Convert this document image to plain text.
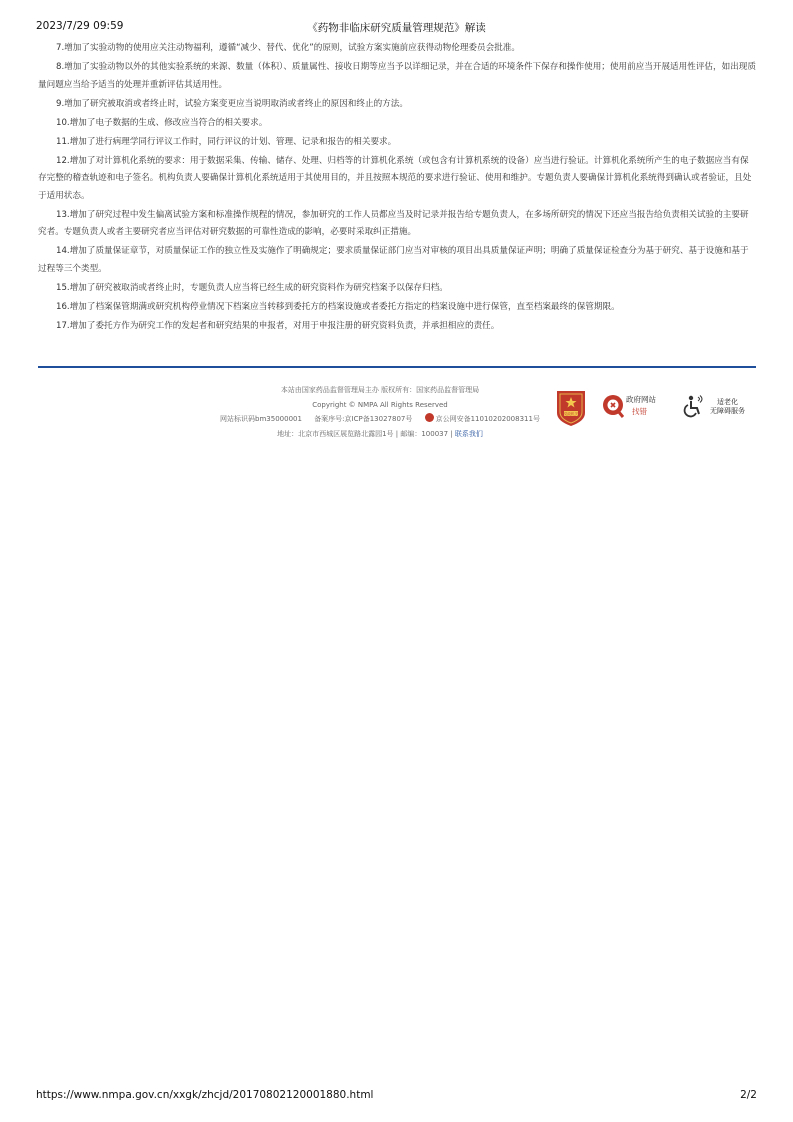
2023/7/29 09:59	《药物非临床研究质量管理规范》解读

7.增加了实验动物的使用应关注动物福利，遵循“减少、替代、优化”的原则，试验方案实施前应获得动物伦理委员会批准。

8.增加了实验动物以外的其他实验系统的来源、数量（体积）、质量属性、接收日期等应当予以详细记录，并在合适的环境条件下保存和操作使用；使用前应当开展适用性评估，如出现质量问题应当给予适当的处理并重新评估其适用性。

9.增加了研究被取消或者终止时，试验方案变更应当说明取消或者终止的原因和终止的方法。

10.增加了电子数据的生成、修改应当符合的相关要求。

11.增加了进行病理学同行评议工作时，同行评议的计划、管理、记录和报告的相关要求。

12.增加了对计算机化系统的要求：用于数据采集、传输、储存、处理、归档等的计算机化系统（或包含有计算机系统的设备）应当进行验证。计算机化系统所产生的电子数据应当有保存完整的稽查轨迹和电子签名。机构负责人要确保计算机化系统适用于其使用目的，并且按照本规范的要求进行验证、使用和维护。专题负责人要确保计算机化系统得到确认或者验证，且处于适用状态。

13.增加了研究过程中发生偏离试验方案和标准操作规程的情况，参加研究的工作人员都应当及时记录并报告给专题负责人，在多场所研究的情况下还应当报告给负责相关试验的主要研究者。专题负责人或者主要研究者应当评估对研究数据的可靠性造成的影响，必要时采取纠正措施。

14.增加了质量保证章节，对质量保证工作的独立性及实施作了明确规定；要求质量保证部门应当对审核的项目出具质量保证声明；明确了质量保证检查分为基于研究、基于设施和基于过程等三个类型。

15.增加了研究被取消或者终止时，专题负责人应当将已经生成的研究资料作为研究档案予以保存归档。

16.增加了档案保管期满或研究机构停业情况下档案应当转移到委托方的档案设施或者委托方指定的档案设施中进行保管，直至档案最终的保管期限。

17.增加了委托方作为研究工作的发起者和研究结果的申报者，对用于申报注册的研究资料负责，并承担相应的责任。

本站由国家药品监督管理局主办 版权所有：国家药品监督管理局
Copyright © NMPA All Rights Reserved
网站标识码bm35000001 备案序号:京ICP备13027807号	京公网安备11010202008311号
地址：北京市西城区展览路北露园1号 | 邮编：100037 | 联系我们
党政机关
政府网站
找错
适老化
无障碍服务
https://www.nmpa.gov.cn/xxgk/zhcjd/20170802120001880.html	2/2
